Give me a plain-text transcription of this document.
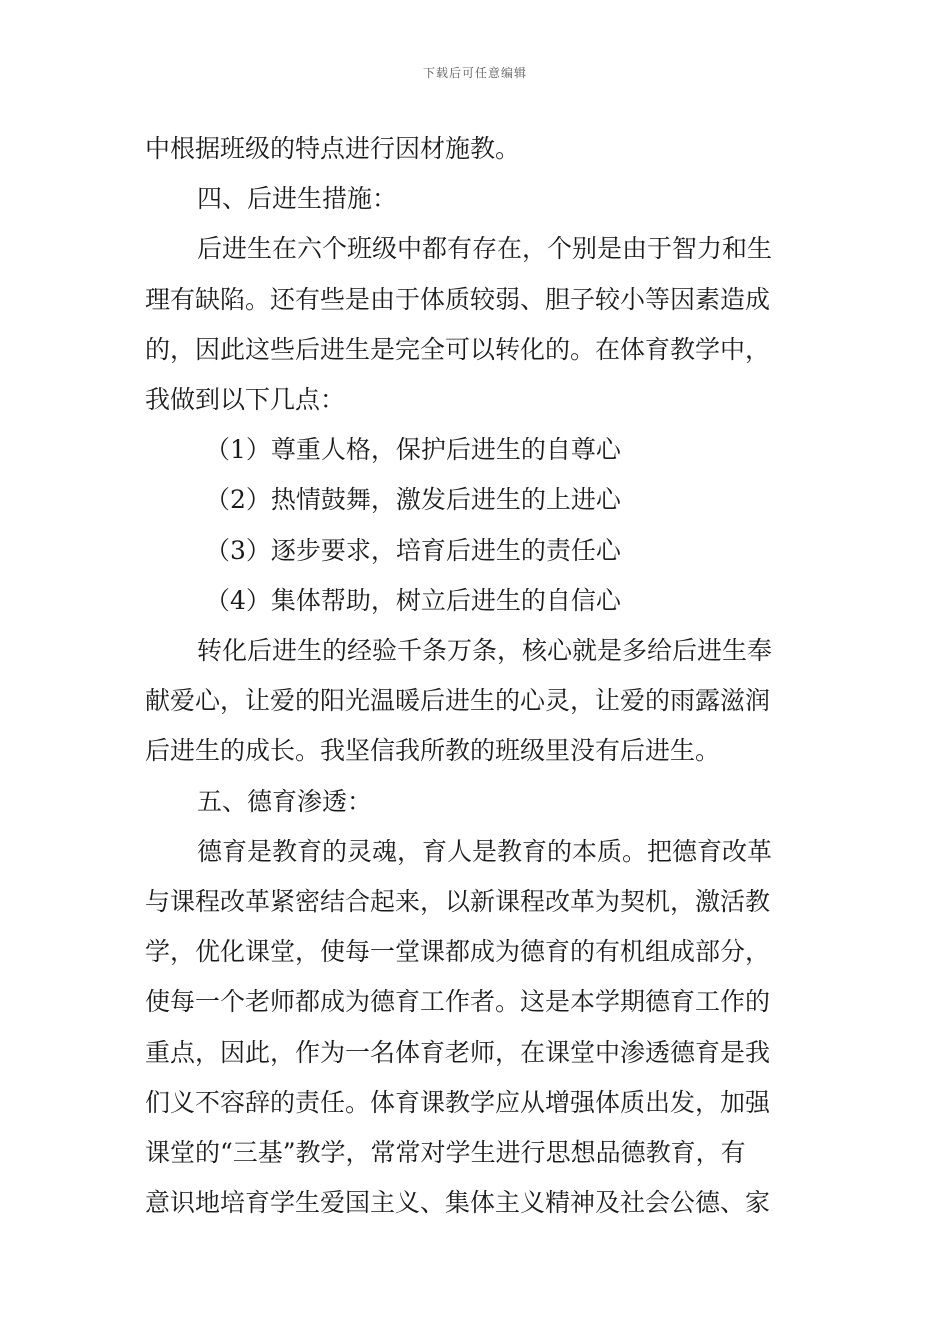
下载后可任意编辑

中根据班级的特点进行因材施教。

四、后进生措施：

后进生在六个班级中都有存在，个别是由于智力和生

理有缺陷。还有些是由于体质较弱、胆子较小等因素造成

的，因此这些后进生是完全可以转化的。在体育教学中，

我做到以下几点：

（1）尊重人格，保护后进生的自尊心

（2）热情鼓舞，激发后进生的上进心

（3）逐步要求，培育后进生的责任心

（4）集体帮助，树立后进生的自信心

转化后进生的经验千条万条，核心就是多给后进生奉

献爱心，让爱的阳光温暖后进生的心灵，让爱的雨露滋润

后进生的成长。我坚信我所教的班级里没有后进生。

五、德育渗透：

德育是教育的灵魂，育人是教育的本质。把德育改革

与课程改革紧密结合起来，以新课程改革为契机，激活教

学，优化课堂，使每一堂课都成为德育的有机组成部分，

使每一个老师都成为德育工作者。这是本学期德育工作的

重点，因此，作为一名体育老师，在课堂中渗透德育是我

们义不容辞的责任。体育课教学应从增强体质出发，加强

课堂的“三基”教学，常常对学生进行思想品德教育，有

意识地培育学生爱国主义、集体主义精神及社会公德、家
